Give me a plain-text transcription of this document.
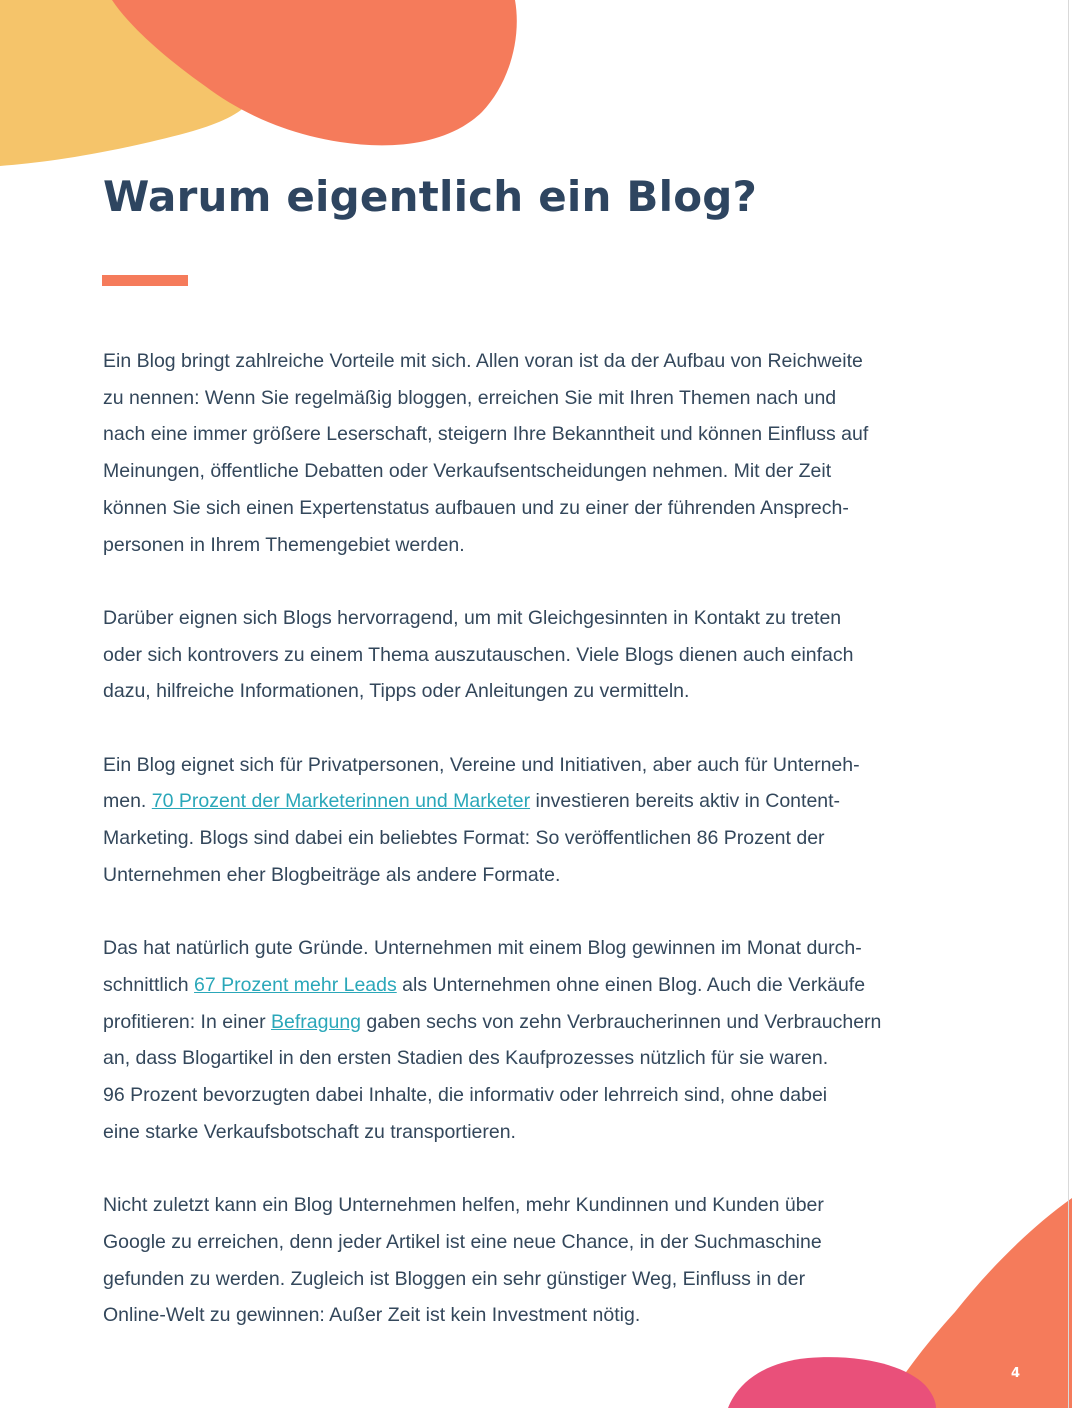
Warum eigentlich ein Blog?

Ein Blog bringt zahlreiche Vorteile mit sich. Allen voran ist da der Aufbau von Reichweite
zu nennen: Wenn Sie regelmäßig bloggen, erreichen Sie mit Ihren Themen nach und
nach eine immer größere Leserschaft, steigern Ihre Bekanntheit und können Einfluss auf
Meinungen, öffentliche Debatten oder Verkaufsentscheidungen nehmen. Mit der Zeit
können Sie sich einen Expertenstatus aufbauen und zu einer der führenden Ansprech-
personen in Ihrem Themengebiet werden.

Darüber eignen sich Blogs hervorragend, um mit Gleichgesinnten in Kontakt zu treten
oder sich kontrovers zu einem Thema auszutauschen. Viele Blogs dienen auch einfach
dazu, hilfreiche Informationen, Tipps oder Anleitungen zu vermitteln.

Ein Blog eignet sich für Privatpersonen, Vereine und Initiativen, aber auch für Unterneh-
men. 70 Prozent der Marketerinnen und Marketer investieren bereits aktiv in Content-
Marketing. Blogs sind dabei ein beliebtes Format: So veröffentlichen 86 Prozent der
Unternehmen eher Blogbeiträge als andere Formate.

Das hat natürlich gute Gründe. Unternehmen mit einem Blog gewinnen im Monat durch-
schnittlich 67 Prozent mehr Leads als Unternehmen ohne einen Blog. Auch die Verkäufe
profitieren: In einer Befragung gaben sechs von zehn Verbraucherinnen und Verbrauchern
an, dass Blogartikel in den ersten Stadien des Kaufprozesses nützlich für sie waren.
96 Prozent bevorzugten dabei Inhalte, die informativ oder lehrreich sind, ohne dabei
eine starke Verkaufsbotschaft zu transportieren.

Nicht zuletzt kann ein Blog Unternehmen helfen, mehr Kundinnen und Kunden über
Google zu erreichen, denn jeder Artikel ist eine neue Chance, in der Suchmaschine
gefunden zu werden. Zugleich ist Bloggen ein sehr günstiger Weg, Einfluss in der
Online-Welt zu gewinnen: Außer Zeit ist kein Investment nötig.

4
